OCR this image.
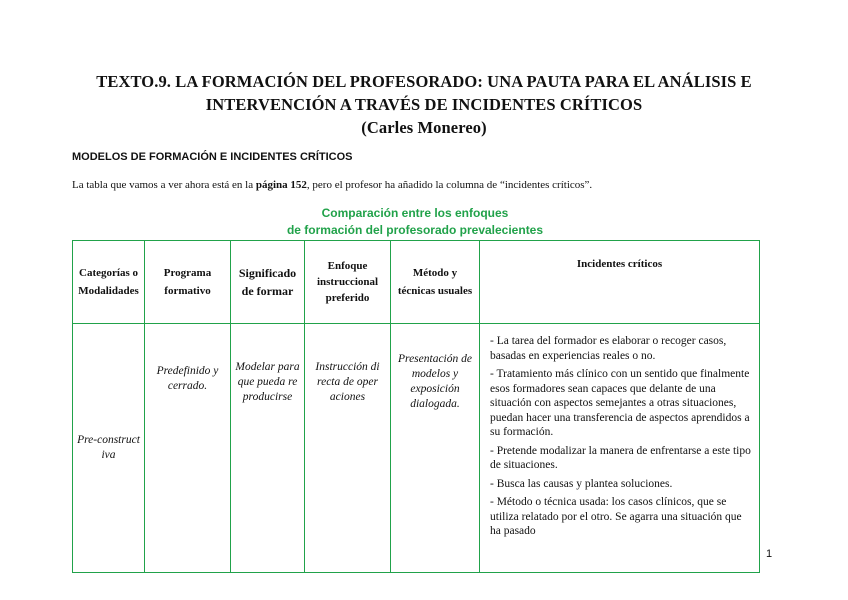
TEXTO.9. LA FORMACIÓN DEL PROFESORADO: UNA PAUTA PARA EL ANÁLISIS E
INTERVENCIÓN A TRAVÉS DE INCIDENTES CRÍTICOS
(Carles Monereo)
MODELOS DE FORMACIÓN E INCIDENTES CRÍTICOS
La tabla que vamos a ver ahora está en la página 152, pero el profesor ha añadido la columna de “incidentes críticos”.
Comparación entre los enfoques
de formación del profesorado prevalecientes
Categorías o Modalidades	Programa formativo	Significado de formar	Enfoque instruccional preferido	Método y técnicas usuales	Incidentes críticos
Pre-constructiva	Predefinido y cerrado.	Modelar para que pueda reproducirse	Instrucción directa de operaciones	Presentación de modelos y exposición dialogada.	- La tarea del formador es elaborar o recoger casos, basadas en experiencias reales o no.

- Tratamiento más clínico con un sentido que finalmente esos formadores sean capaces que delante de una situación con aspectos semejantes a otras situaciones, puedan hacer una transferencia de aspectos aprendidos a su formación.

- Pretende modalizar la manera de enfrentarse a este tipo de situaciones.

- Busca las causas y plantea soluciones.

- Método o técnica usada: los casos clínicos, que se utiliza relatado por el otro. Se agarra una situación que ha pasado

1
